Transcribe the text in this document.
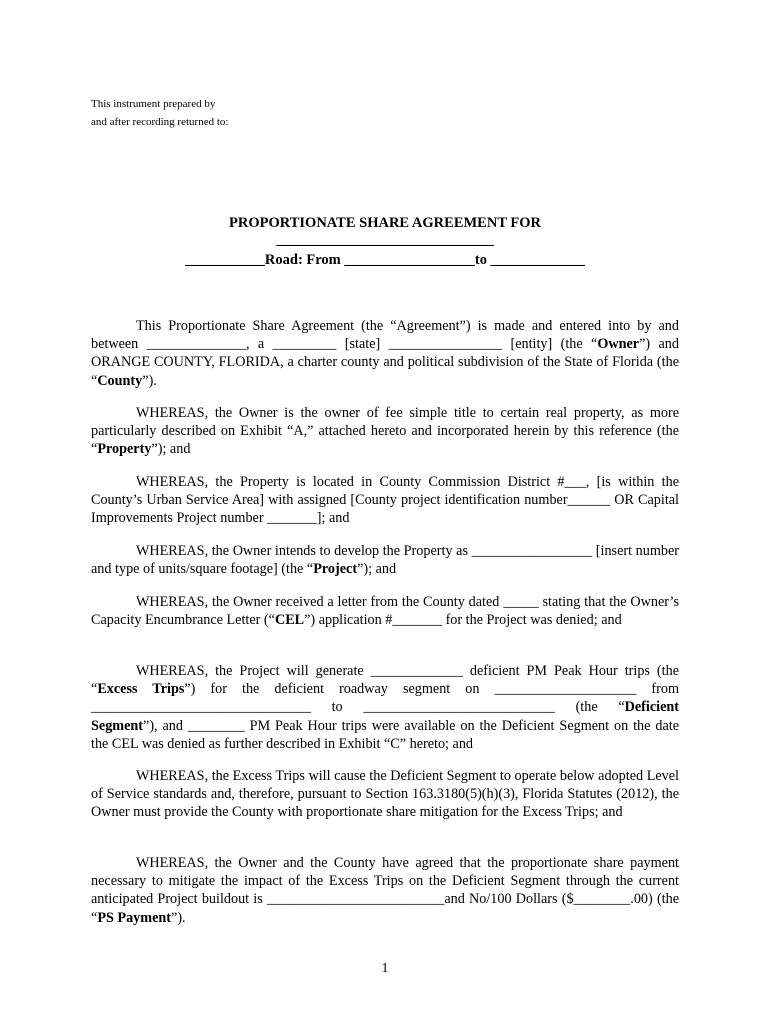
This instrument prepared by
and after recording returned to:
PROPORTIONATE SHARE AGREEMENT FOR
______________________________
___________Road: From __________________to _____________

This Proportionate Share Agreement (the “Agreement”) is made and entered into by and between ______________, a _________ [state] ________________ [entity] (the “Owner”) and ORANGE COUNTY, FLORIDA, a charter county and political subdivision of the State of Florida (the “County”).

WHEREAS, the Owner is the owner of fee simple title to certain real property, as more particularly described on Exhibit “A,” attached hereto and incorporated herein by this reference (the “Property”); and

WHEREAS, the Property is located in County Commission District #___, [is within the County’s Urban Service Area] with assigned [County project identification number______ OR Capital Improvements Project number _______]; and

WHEREAS, the Owner intends to develop the Property as _________________ [insert number and type of units/square footage] (the “Project”); and

WHEREAS, the Owner received a letter from the County dated _____ stating that the Owner’s Capacity Encumbrance Letter (“CEL”) application #_______ for the Project was denied; and

WHEREAS, the Project will generate _____________ deficient PM Peak Hour trips (the “Excess Trips”) for the deficient roadway segment on ____________________ from _______________________________ to ___________________________ (the “Deficient Segment”), and ________ PM Peak Hour trips were available on the Deficient Segment on the date the CEL was denied as further described in Exhibit “C” hereto; and

WHEREAS, the Excess Trips will cause the Deficient Segment to operate below adopted Level of Service standards and, therefore, pursuant to Section 163.3180(5)(h)(3), Florida Statutes (2012), the Owner must provide the County with proportionate share mitigation for the Excess Trips; and

WHEREAS, the Owner and the County have agreed that the proportionate share payment necessary to mitigate the impact of the Excess Trips on the Deficient Segment through the current anticipated Project buildout is _________________________and No/100 Dollars ($________.00) (the “PS Payment”).

1
